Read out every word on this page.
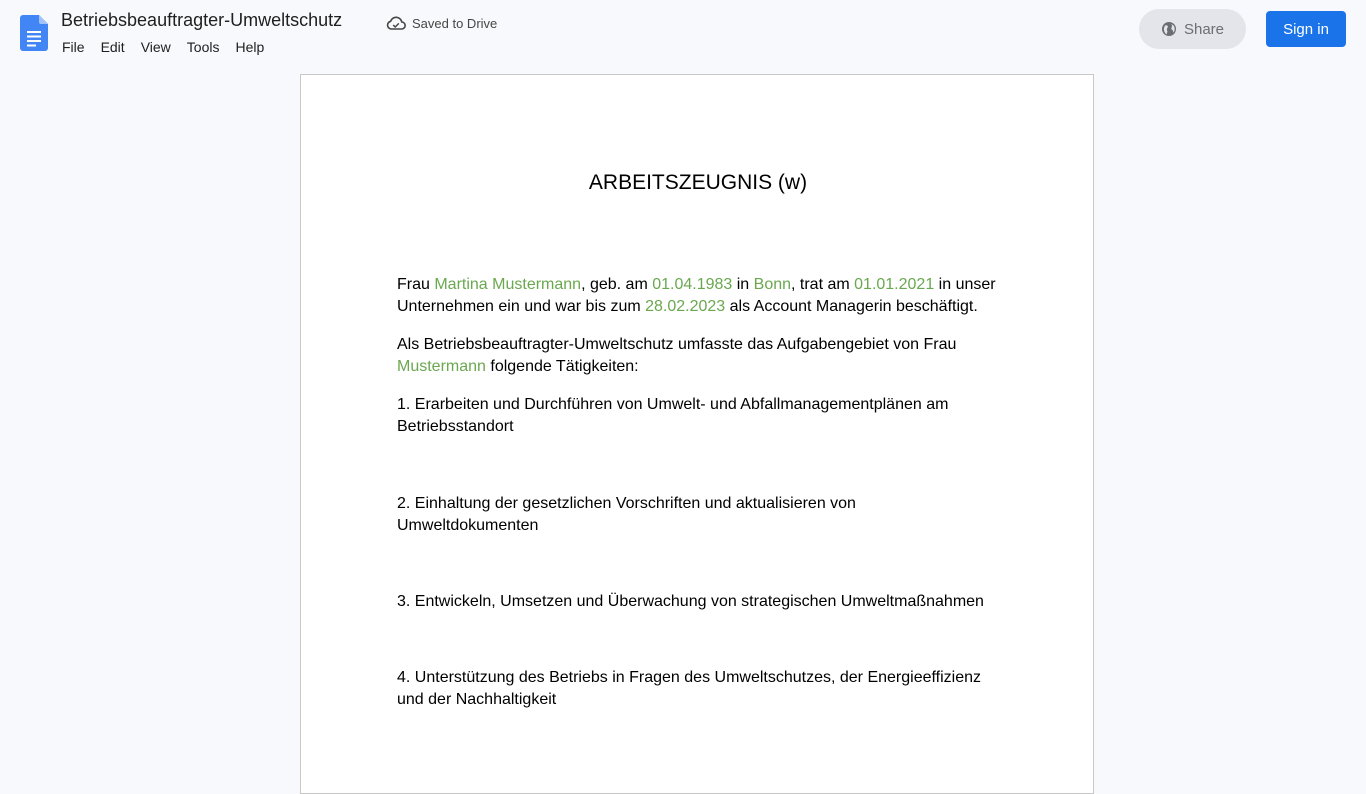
Betriebsbeauftragter-Umweltschutz	Saved to Drive
File	Edit	View	Tools	Help
Share	Sign in
ARBEITSZEUGNIS (w)
Frau Martina Mustermann, geb. am 01.04.1983 in Bonn, trat am 01.01.2021 in unser Unternehmen ein und war bis zum 28.02.2023 als Account Managerin beschäftigt.
Als Betriebsbeauftragter-Umweltschutz umfasste das Aufgabengebiet von Frau Mustermann folgende Tätigkeiten:
1. Erarbeiten und Durchführen von Umwelt- und Abfallmanagementplänen am Betriebsstandort
2. Einhaltung der gesetzlichen Vorschriften und aktualisieren von Umweltdokumenten
3. Entwickeln, Umsetzen und Überwachung von strategischen Umweltmaßnahmen
4. Unterstützung des Betriebs in Fragen des Umweltschutzes, der Energieeffizienz und der Nachhaltigkeit
